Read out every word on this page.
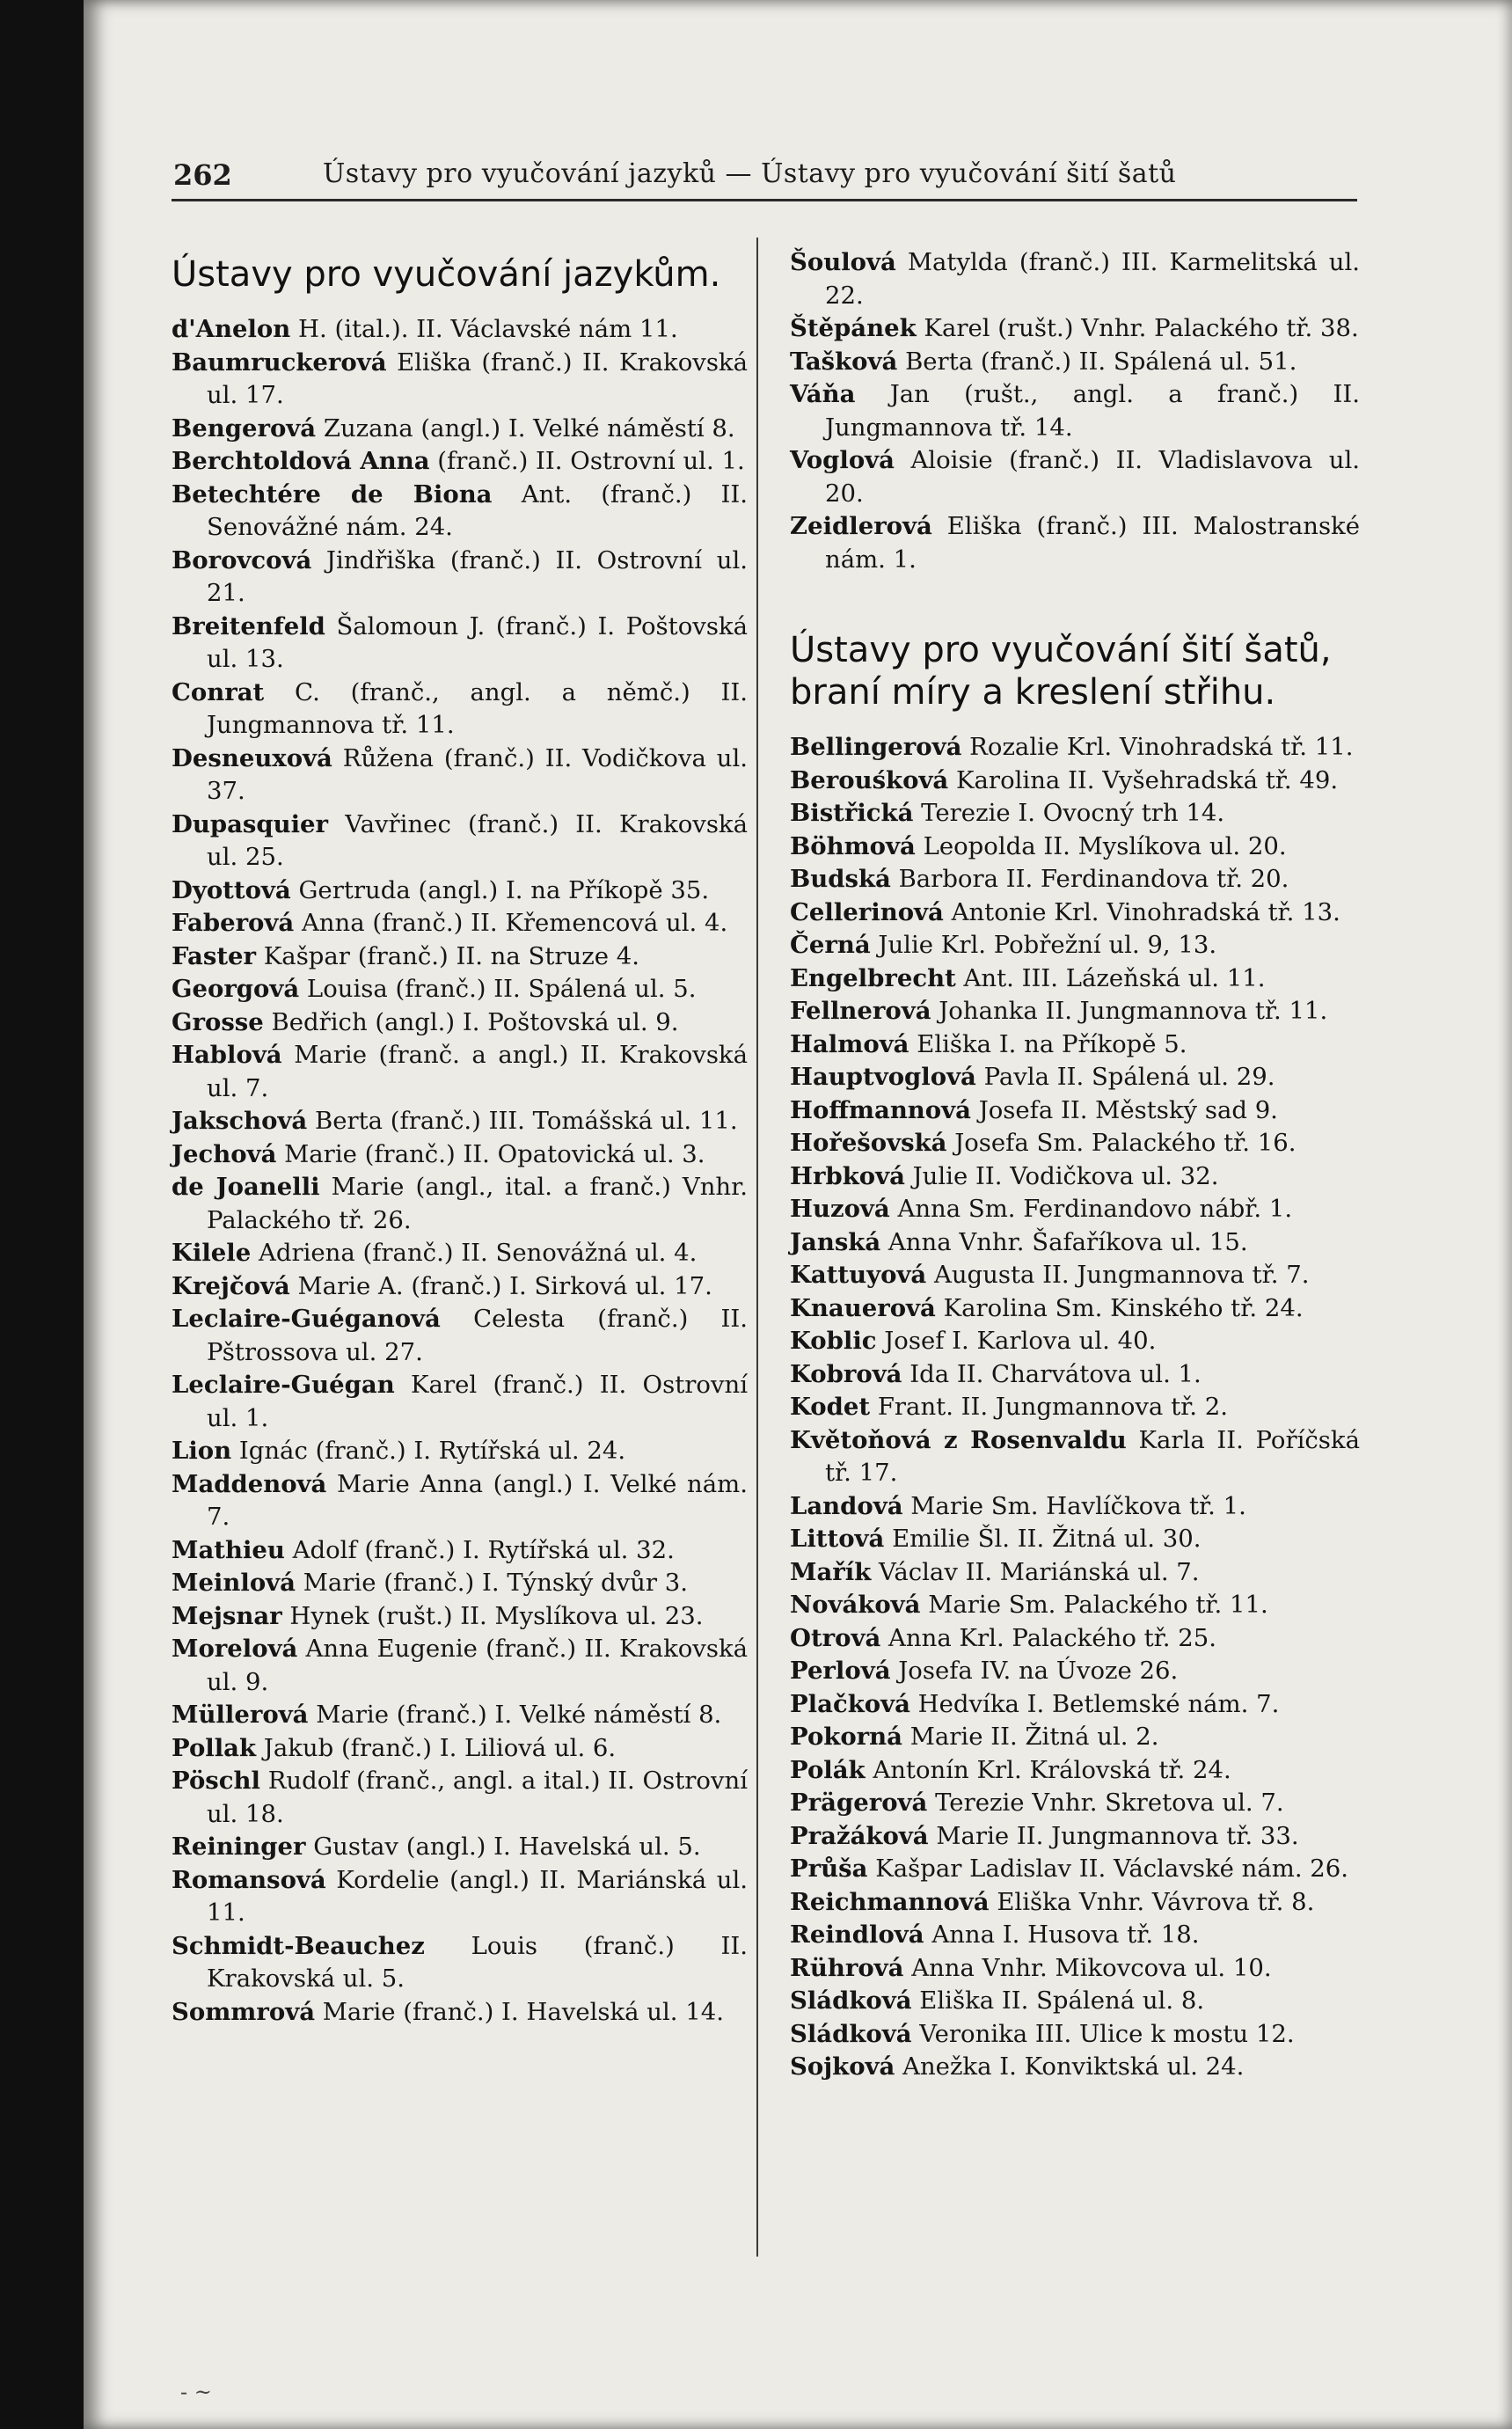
262	Ústavy pro vyučování jazyků — Ústavy pro vyučování šití šatů
Ústavy pro vyučování jazykům.
d'Anelon H. (ital.). II. Václavské nám 11.
Baumruckerová Eliška (franč.) II. Krakovská ul. 17.
Bengerová Zuzana (angl.) I. Velké náměstí 8.
Berchtoldová Anna (franč.) II. Ostrovní ul. 1.
Betechtére de Biona Ant. (franč.) II. Senovážné nám. 24.
Borovcová Jindřiška (franč.) II. Ostrovní ul. 21.
Breitenfeld Šalomoun J. (franč.) I. Poštovská ul. 13.
Conrat C. (franč., angl. a němč.) II. Jungmannova tř. 11.
Desneuxová Růžena (franč.) II. Vodičkova ul. 37.
Dupasquier Vavřinec (franč.) II. Krakovská ul. 25.
Dyottová Gertruda (angl.) I. na Příkopě 35.
Faberová Anna (franč.) II. Křemencová ul. 4.
Faster Kašpar (franč.) II. na Struze 4.
Georgová Louisa (franč.) II. Spálená ul. 5.
Grosse Bedřich (angl.) I. Poštovská ul. 9.
Hablová Marie (franč. a angl.) II. Krakovská ul. 7.
Jakschová Berta (franč.) III. Tomášská ul. 11.
Jechová Marie (franč.) II. Opatovická ul. 3.
de Joanelli Marie (angl., ital. a franč.) Vnhr. Palackého tř. 26.
Kilele Adriena (franč.) II. Senovážná ul. 4.
Krejčová Marie A. (franč.) I. Sirková ul. 17.
Leclaire-Guéganová Celesta (franč.) II. Pštrossova ul. 27.
Leclaire-Guégan Karel (franč.) II. Ostrovní ul. 1.
Lion Ignác (franč.) I. Rytířská ul. 24.
Maddenová Marie Anna (angl.) I. Velké nám. 7.
Mathieu Adolf (franč.) I. Rytířská ul. 32.
Meinlová Marie (franč.) I. Týnský dvůr 3.
Mejsnar Hynek (rušt.) II. Myslíkova ul. 23.
Morelová Anna Eugenie (franč.) II. Krakovská ul. 9.
Müllerová Marie (franč.) I. Velké náměstí 8.
Pollak Jakub (franč.) I. Liliová ul. 6.
Pöschl Rudolf (franč., angl. a ital.) II. Ostrovní ul. 18.
Reininger Gustav (angl.) I. Havelská ul. 5.
Romansová Kordelie (angl.) II. Mariánská ul. 11.
Schmidt-Beauchez Louis (franč.) II. Krakovská ul. 5.
Sommrová Marie (franč.) I. Havelská ul. 14.
Šoulová Matylda (franč.) III. Karmelitská ul. 22.
Štěpánek Karel (rušt.) Vnhr. Palackého tř. 38.
Tašková Berta (franč.) II. Spálená ul. 51.
Váňa Jan (rušt., angl. a franč.) II. Jungmannova tř. 14.
Voglová Aloisie (franč.) II. Vladislavova ul. 20.
Zeidlerová Eliška (franč.) III. Malostranské nám. 1.
Ústavy pro vyučování šití šatů, braní míry a kreslení střihu.
Bellingerová Rozalie Krl. Vinohradská tř. 11.
Berouśková Karolina II. Vyšehradská tř. 49.
Bistřická Terezie I. Ovocný trh 14.
Böhmová Leopolda II. Myslíkova ul. 20.
Budská Barbora II. Ferdinandova tř. 20.
Cellerinová Antonie Krl. Vinohradská tř. 13.
Černá Julie Krl. Pobřežní ul. 9, 13.
Engelbrecht Ant. III. Lázeňská ul. 11.
Fellnerová Johanka II. Jungmannova tř. 11.
Halmová Eliška I. na Příkopě 5.
Hauptvoglová Pavla II. Spálená ul. 29.
Hoffmannová Josefa II. Městský sad 9.
Hořešovská Josefa Sm. Palackého tř. 16.
Hrbková Julie II. Vodičkova ul. 32.
Huzová Anna Sm. Ferdinandovo nábř. 1.
Janská Anna Vnhr. Šafaříkova ul. 15.
Kattuyová Augusta II. Jungmannova tř. 7.
Knauerová Karolina Sm. Kinského tř. 24.
Koblic Josef I. Karlova ul. 40.
Kobrová Ida II. Charvátova ul. 1.
Kodet Frant. II. Jungmannova tř. 2.
Květoňová z Rosenvaldu Karla II. Poříčská tř. 17.
Landová Marie Sm. Havlíčkova tř. 1.
Littová Emilie Šl. II. Žitná ul. 30.
Mařík Václav II. Mariánská ul. 7.
Nováková Marie Sm. Palackého tř. 11.
Otrová Anna Krl. Palackého tř. 25.
Perlová Josefa IV. na Úvoze 26.
Plačková Hedvíka I. Betlemské nám. 7.
Pokorná Marie II. Žitná ul. 2.
Polák Antonín Krl. Královská tř. 24.
Prägerová Terezie Vnhr. Skretova ul. 7.
Pražáková Marie II. Jungmannova tř. 33.
Průša Kašpar Ladislav II. Václavské nám. 26.
Reichmannová Eliška Vnhr. Vávrova tř. 8.
Reindlová Anna I. Husova tř. 18.
Rührová Anna Vnhr. Mikovcova ul. 10.
Sládková Eliška II. Spálená ul. 8.
Sládková Veronika III. Ulice k mostu 12.
Sojková Anežka I. Konviktská ul. 24.
- ~
